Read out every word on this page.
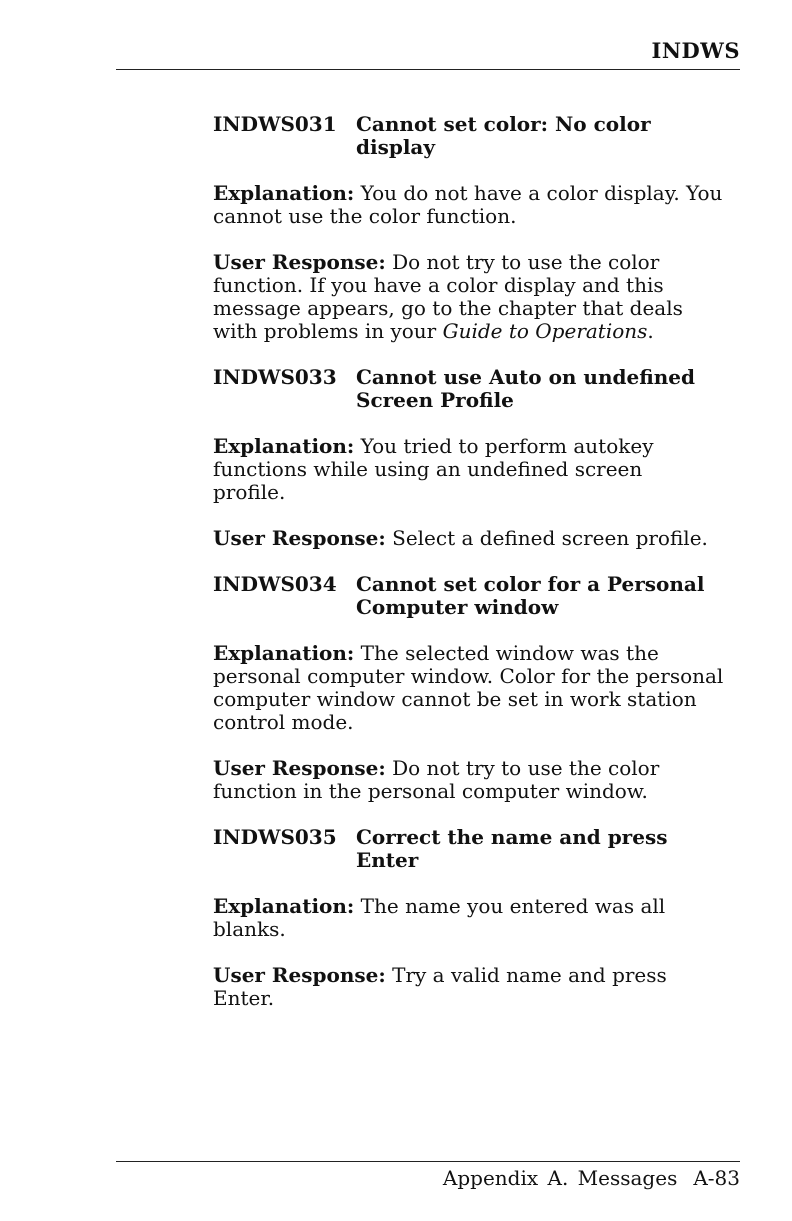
INDWS
INDWS031 Cannot set color: No color display

Explanation: You do not have a color display. You cannot use the color function.

User Response: Do not try to use the color function. If you have a color display and this message appears, go to the chapter that deals with problems in your Guide to Operations.

INDWS033 Cannot use Auto on undefined Screen Profile

Explanation: You tried to perform autokey functions while using an undefined screen profile.

User Response: Select a defined screen profile.

INDWS034 Cannot set color for a Personal Computer window

Explanation: The selected window was the personal computer window. Color for the personal computer window cannot be set in work station control mode.

User Response: Do not try to use the color function in the personal computer window.

INDWS035 Correct the name and press Enter

Explanation: The name you entered was all blanks.

User Response: Try a valid name and press Enter.

Appendix A. Messages A-83
